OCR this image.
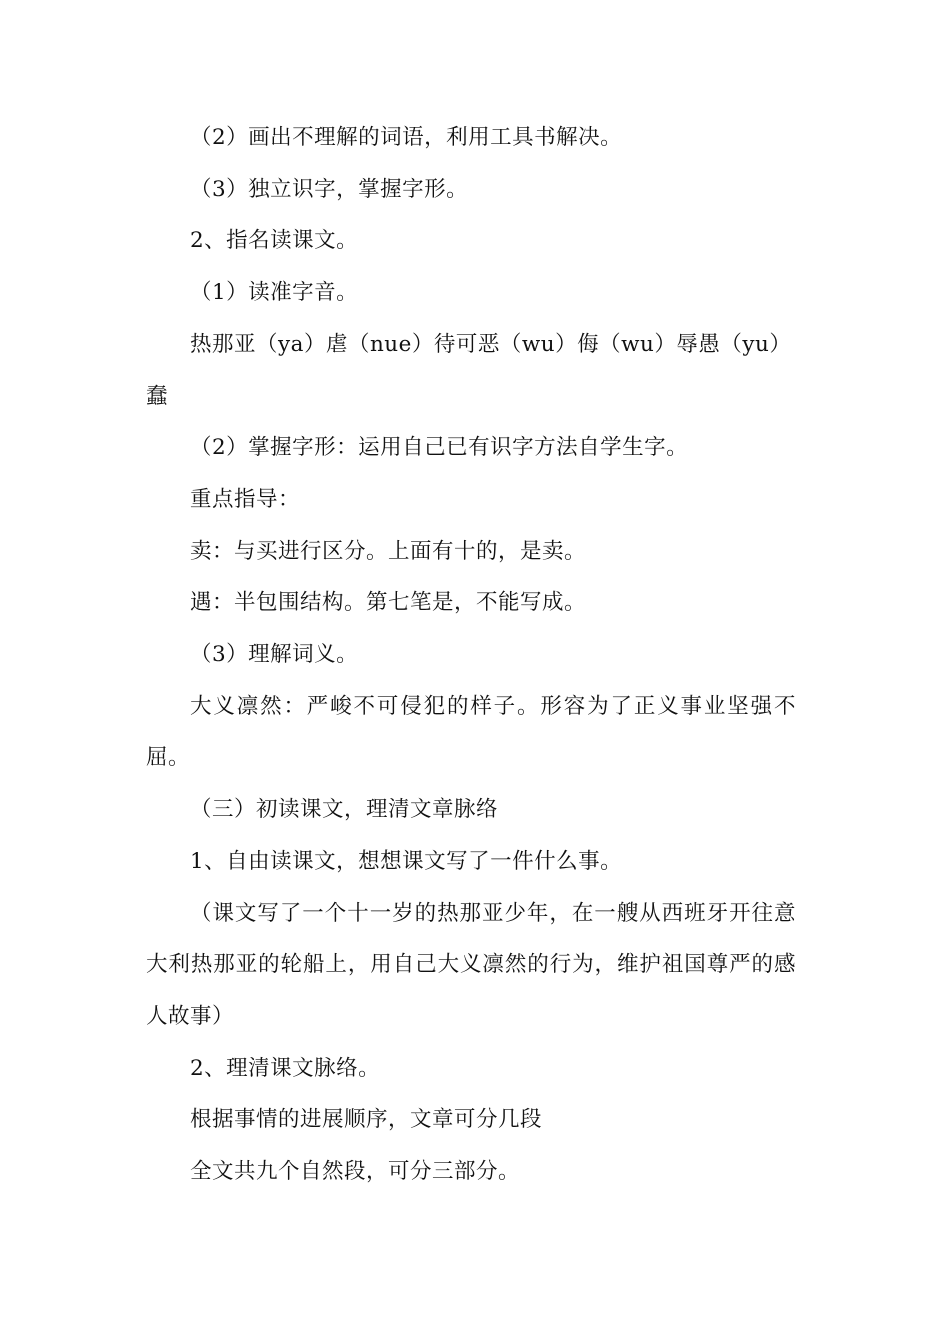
（2）画出不理解的词语，利用工具书解决。

（3）独立识字，掌握字形。

2、指名读课文。

（1）读准字音。

热那亚（ya）虐（nue）待可恶（wu）侮（wu）辱愚（yu）蠢

（2）掌握字形：运用自己已有识字方法自学生字。

重点指导：

卖：与买进行区分。上面有十的，是卖。

遇：半包围结构。第七笔是，不能写成。

（3）理解词义。

大义凛然：严峻不可侵犯的样子。形容为了正义事业坚强不屈。

（三）初读课文，理清文章脉络

1、自由读课文，想想课文写了一件什么事。

（课文写了一个十一岁的热那亚少年，在一艘从西班牙开往意大利热那亚的轮船上，用自己大义凛然的行为，维护祖国尊严的感人故事）

2、理清课文脉络。

根据事情的进展顺序，文章可分几段

全文共九个自然段，可分三部分。
